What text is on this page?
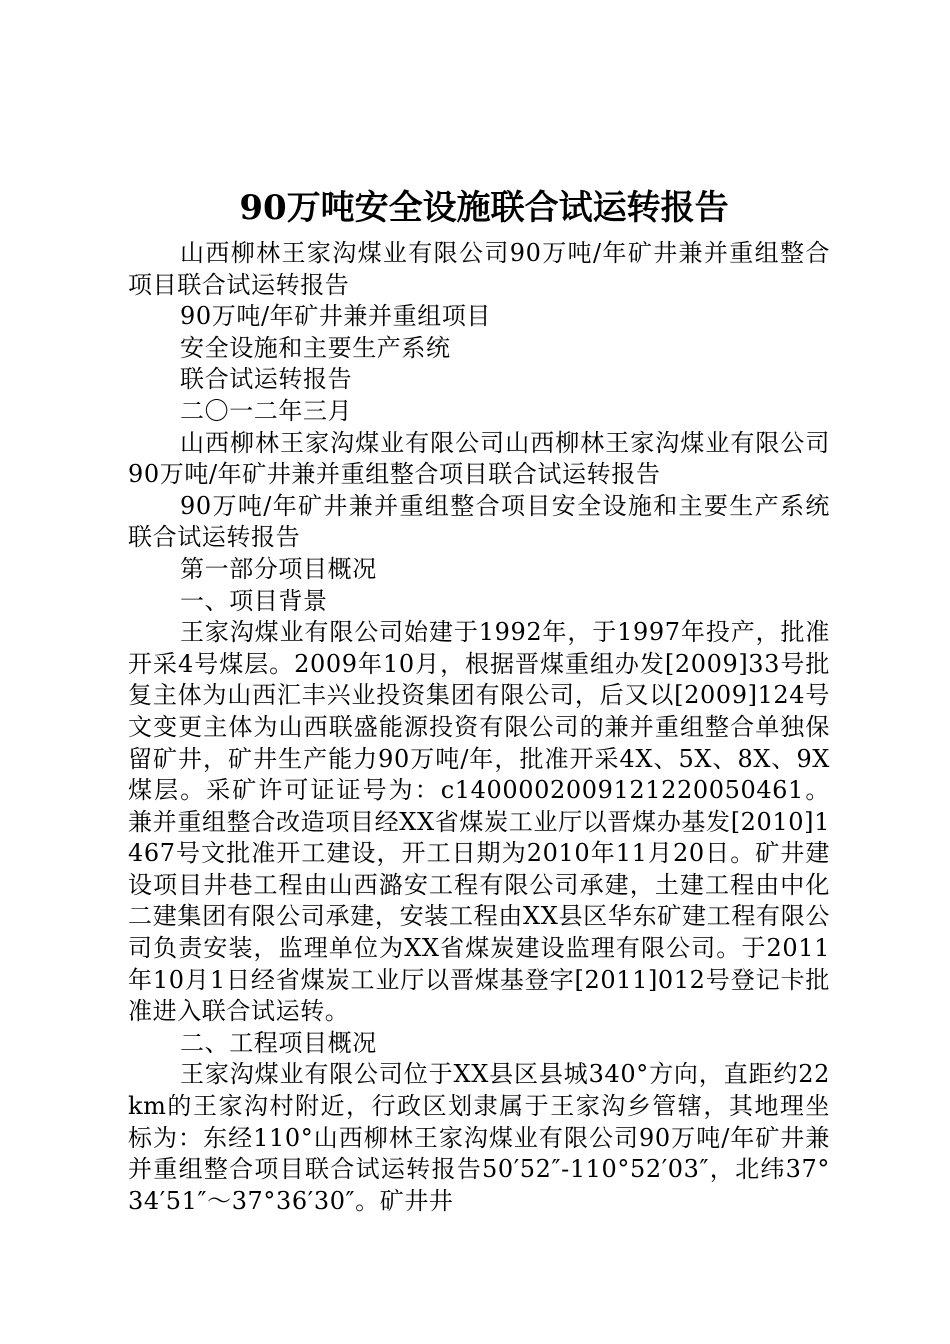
90万吨安全设施联合试运转报告

山西柳林王家沟煤业有限公司90万吨/年矿井兼并重组整合项目联合试运转报告

90万吨/年矿井兼并重组项目

安全设施和主要生产系统

联合试运转报告

二〇一二年三月

山西柳林王家沟煤业有限公司山西柳林王家沟煤业有限公司90万吨/年矿井兼并重组整合项目联合试运转报告

90万吨/年矿井兼并重组整合项目安全设施和主要生产系统联合试运转报告

第一部分项目概况

一、项目背景

王家沟煤业有限公司始建于1992年，于1997年投产，批准开采4号煤层。2009年10月，根据晋煤重组办发[2009]33号批复主体为山西汇丰兴业投资集团有限公司，后又以[2009]124号文变更主体为山西联盛能源投资有限公司的兼并重组整合单独保留矿井，矿井生产能力90万吨/年，批准开采4X、5X、8X、9X煤层。采矿许可证证号为：c1400002009121220050461。兼并重组整合改造项目经XX省煤炭工业厅以晋煤办基发[2010]1467号文批准开工建设，开工日期为2010年11月20日。矿井建设项目井巷工程由山西潞安工程有限公司承建，土建工程由中化二建集团有限公司承建，安装工程由XX县区华东矿建工程有限公司负责安装，监理单位为XX省煤炭建设监理有限公司。于2011年10月1日经省煤炭工业厅以晋煤基登字[2011]012号登记卡批准进入联合试运转。

二、工程项目概况

王家沟煤业有限公司位于XX县区县城340°方向，直距约22km的王家沟村附近，行政区划隶属于王家沟乡管辖，其地理坐标为：东经110°山西柳林王家沟煤业有限公司90万吨/年矿井兼并重组整合项目联合试运转报告50′52″-110°52′03″，北纬37°34′51″～37°36′30″。矿井井
